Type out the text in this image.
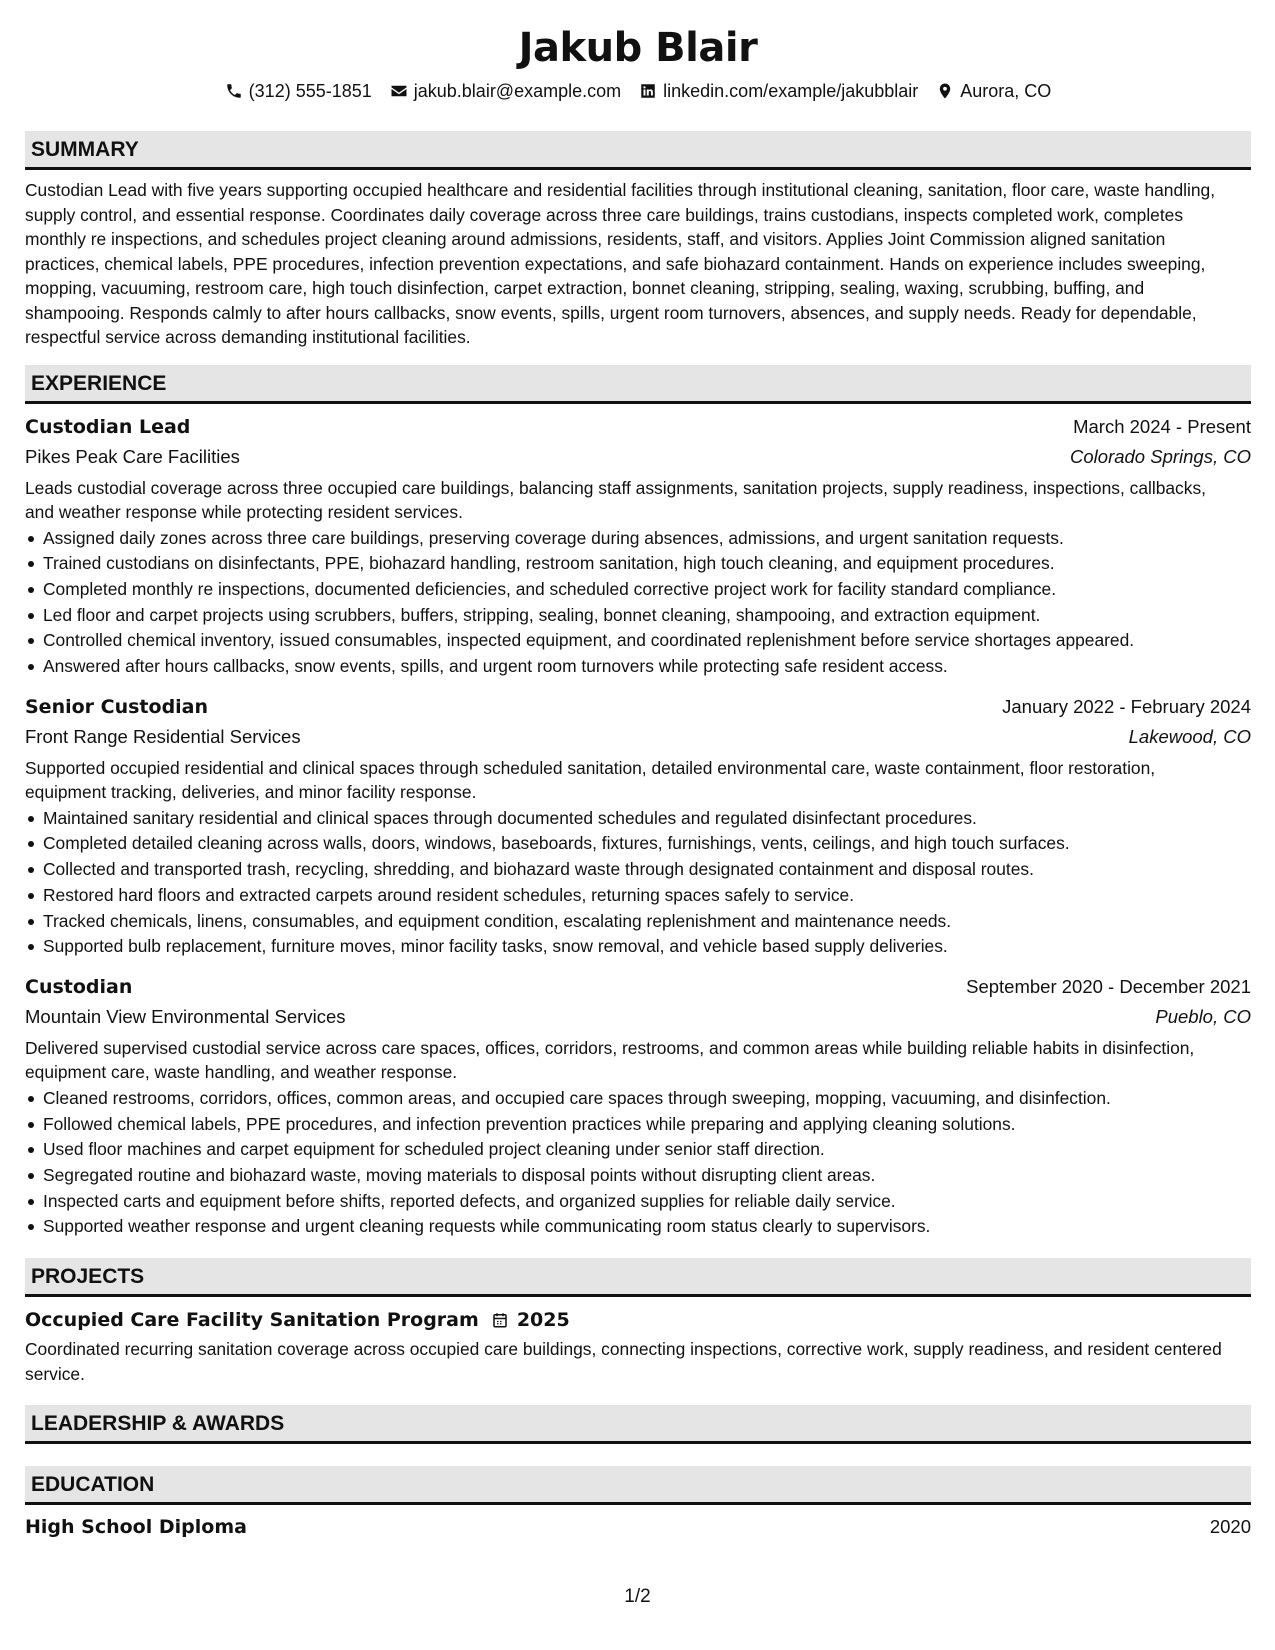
Jakub Blair
(312) 555-1851 jakub.blair@example.com linkedin.com/example/jakubblair Aurora, CO
SUMMARY
Custodian Lead with five years supporting occupied healthcare and residential facilities through institutional cleaning, sanitation, floor care, waste handling, supply control, and essential response. Coordinates daily coverage across three care buildings, trains custodians, inspects completed work, completes monthly re inspections, and schedules project cleaning around admissions, residents, staff, and visitors. Applies Joint Commission aligned sanitation practices, chemical labels, PPE procedures, infection prevention expectations, and safe biohazard containment. Hands on experience includes sweeping, mopping, vacuuming, restroom care, high touch disinfection, carpet extraction, bonnet cleaning, stripping, sealing, waxing, scrubbing, buffing, and shampooing. Responds calmly to after hours callbacks, snow events, spills, urgent room turnovers, absences, and supply needs. Ready for dependable, respectful service across demanding institutional facilities.
EXPERIENCE
Custodian Lead	March 2024 - Present
Pikes Peak Care Facilities	Colorado Springs, CO
Leads custodial coverage across three occupied care buildings, balancing staff assignments, sanitation projects, supply readiness, inspections, callbacks, and weather response while protecting resident services.
Assigned daily zones across three care buildings, preserving coverage during absences, admissions, and urgent sanitation requests.
Trained custodians on disinfectants, PPE, biohazard handling, restroom sanitation, high touch cleaning, and equipment procedures.
Completed monthly re inspections, documented deficiencies, and scheduled corrective project work for facility standard compliance.
Led floor and carpet projects using scrubbers, buffers, stripping, sealing, bonnet cleaning, shampooing, and extraction equipment.
Controlled chemical inventory, issued consumables, inspected equipment, and coordinated replenishment before service shortages appeared.
Answered after hours callbacks, snow events, spills, and urgent room turnovers while protecting safe resident access.
Senior Custodian	January 2022 - February 2024
Front Range Residential Services	Lakewood, CO
Supported occupied residential and clinical spaces through scheduled sanitation, detailed environmental care, waste containment, floor restoration, equipment tracking, deliveries, and minor facility response.
Maintained sanitary residential and clinical spaces through documented schedules and regulated disinfectant procedures.
Completed detailed cleaning across walls, doors, windows, baseboards, fixtures, furnishings, vents, ceilings, and high touch surfaces.
Collected and transported trash, recycling, shredding, and biohazard waste through designated containment and disposal routes.
Restored hard floors and extracted carpets around resident schedules, returning spaces safely to service.
Tracked chemicals, linens, consumables, and equipment condition, escalating replenishment and maintenance needs.
Supported bulb replacement, furniture moves, minor facility tasks, snow removal, and vehicle based supply deliveries.
Custodian	September 2020 - December 2021
Mountain View Environmental Services	Pueblo, CO
Delivered supervised custodial service across care spaces, offices, corridors, restrooms, and common areas while building reliable habits in disinfection, equipment care, waste handling, and weather response.
Cleaned restrooms, corridors, offices, common areas, and occupied care spaces through sweeping, mopping, vacuuming, and disinfection.
Followed chemical labels, PPE procedures, and infection prevention practices while preparing and applying cleaning solutions.
Used floor machines and carpet equipment for scheduled project cleaning under senior staff direction.
Segregated routine and biohazard waste, moving materials to disposal points without disrupting client areas.
Inspected carts and equipment before shifts, reported defects, and organized supplies for reliable daily service.
Supported weather response and urgent cleaning requests while communicating room status clearly to supervisors.
PROJECTS
Occupied Care Facility Sanitation Program 2025
Coordinated recurring sanitation coverage across occupied care buildings, connecting inspections, corrective work, supply readiness, and resident centered service.
LEADERSHIP & AWARDS
EDUCATION
High School Diploma	2020
1/2
